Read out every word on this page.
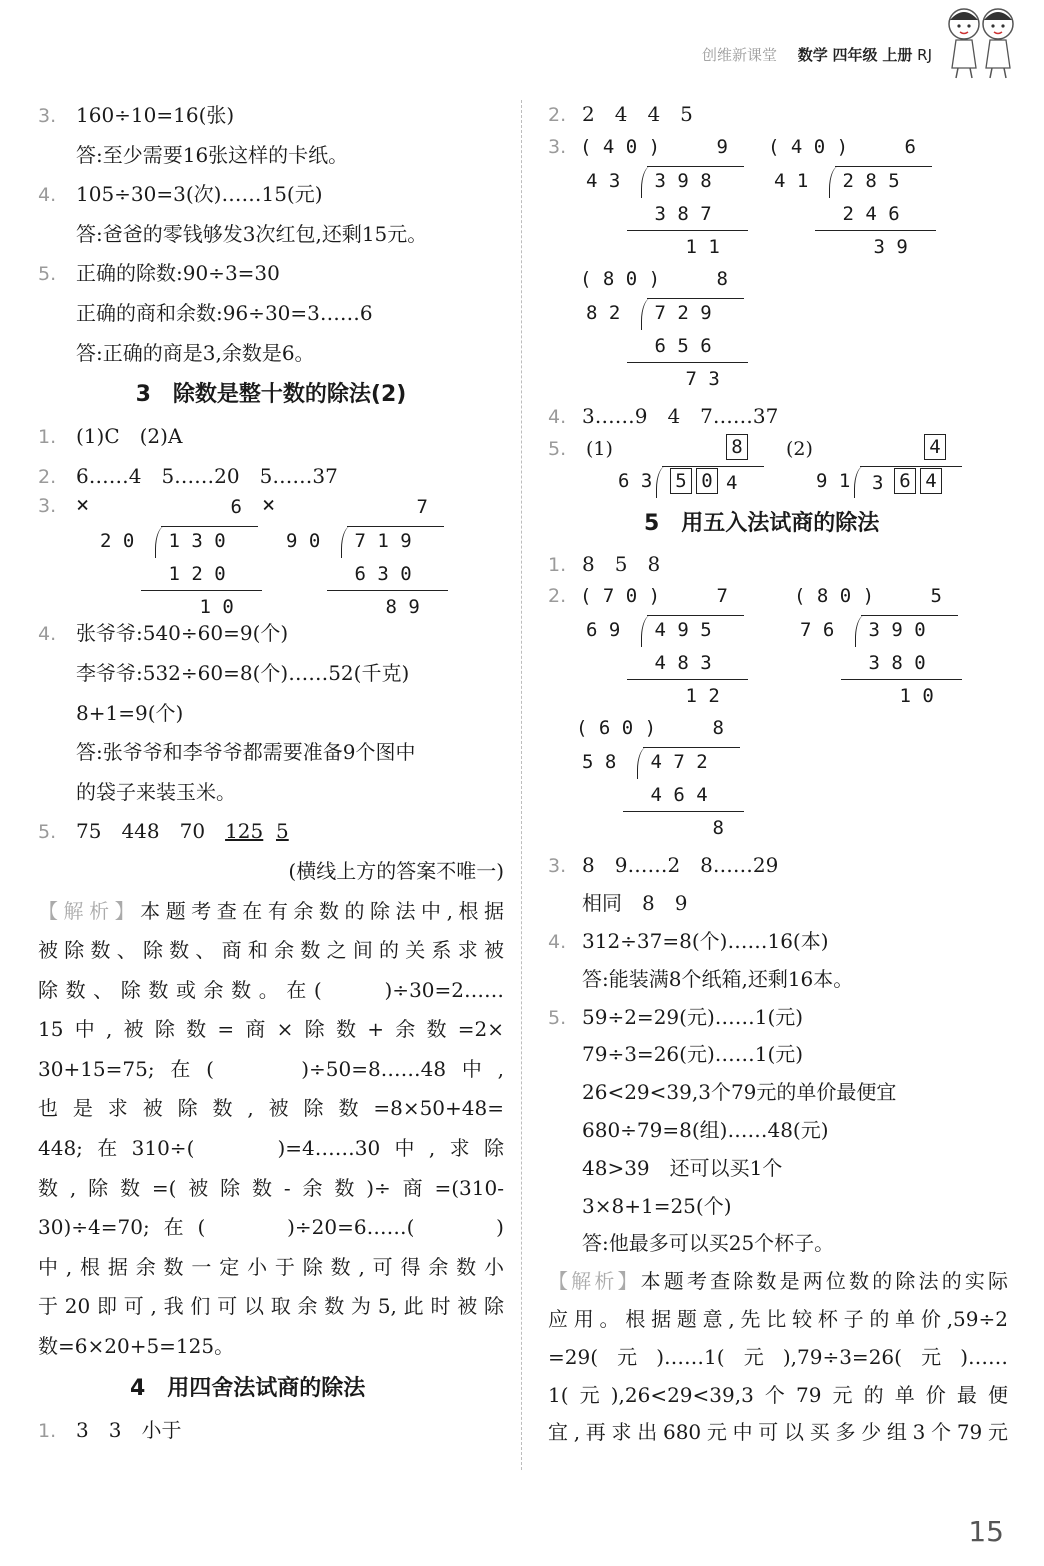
创维新课堂 数学 四年级 上册 RJ
3. 160÷10=16(张)
答:至少需要16张这样的卡纸。
4. 105÷30=3(次)……15(元)
答:爸爸的零钱够发3次红包,还剩15元。
5. 正确的除数:90÷3=30
正确的商和余数:96÷30=3……6
答:正确的商是3,余数是6。
3　除数是整十数的除法(2)
1. (1)C　(2)A
2. 6……4　5……20　5……37
3. ×	×
6
2 0 1 3 0
1 2 0
1 0
7
9 0 7 1 9
6 3 0
8 9
4. 张爷爷:540÷60=9(个)
李爷爷:532÷60=8(个)……52(千克)
8+1=9(个)
答:张爷爷和李爷爷都需要准备9个图中
的袋子来装玉米。
5. 75　448　70　125 5
(横线上方的答案不唯一)
【解析】本题考查在有余数的除法中,根据
被除数、除数、商和余数之间的关系求被
除数、除数或余数。在(　　)÷30=2……
15中,被除数=商×除数+余数=2×
30+15=75;在(　　)÷50=8……48中,
也是求被除数,被除数=8×50+48=
448;在310÷(　　)=4……30中,求除
数,除数=(被除数-余数)÷商=(310-
30)÷4=70;在(　　)÷20=6……(　　)
中,根据余数一定小于除数,可得余数小
于20即可,我们可以取余数为5,此时被除
数=6×20+5=125。
4　用四舍法试商的除法
1. 3　3　小于
2. 2　4　4　5
3. ( 4 0 )	9
4 3 3 9 8
3 8 7
1 1
( 4 0 )	6
4 1 2 8 5
2 4 6
3 9
( 8 0 )	8
8 2 7 2 9
6 5 6
7 3
4. 3……9　4　7……37
5. (1)	(2)
8
6 3 5 0 4
4
9 1 3 6 4
5　用五入法试商的除法
1. 8　5　8
2. ( 7 0 )	7
6 9 4 9 5
4 8 3
1 2
( 8 0 )	5
7 6 3 9 0
3 8 0
1 0
( 6 0 )	8
5 8 4 7 2
4 6 4
8
3. 8　9……2　8……29
相同　8　9
4. 312÷37=8(个)……16(本)
答:能装满8个纸箱,还剩16本。
5. 59÷2=29(元)……1(元)
79÷3=26(元)……1(元)
26<29<39,3个79元的单价最便宜
680÷79=8(组)……48(元)
48>39　还可以买1个
3×8+1=25(个)
答:他最多可以买25个杯子。
【解析】本题考查除数是两位数的除法的实际
应用。根据题意,先比较杯子的单价,59÷2
=29(元)……1(元),79÷3=26(元)……
1(元),26<29<39,3个79元的单价最便
宜,再求出680元中可以买多少组3个79元
15
